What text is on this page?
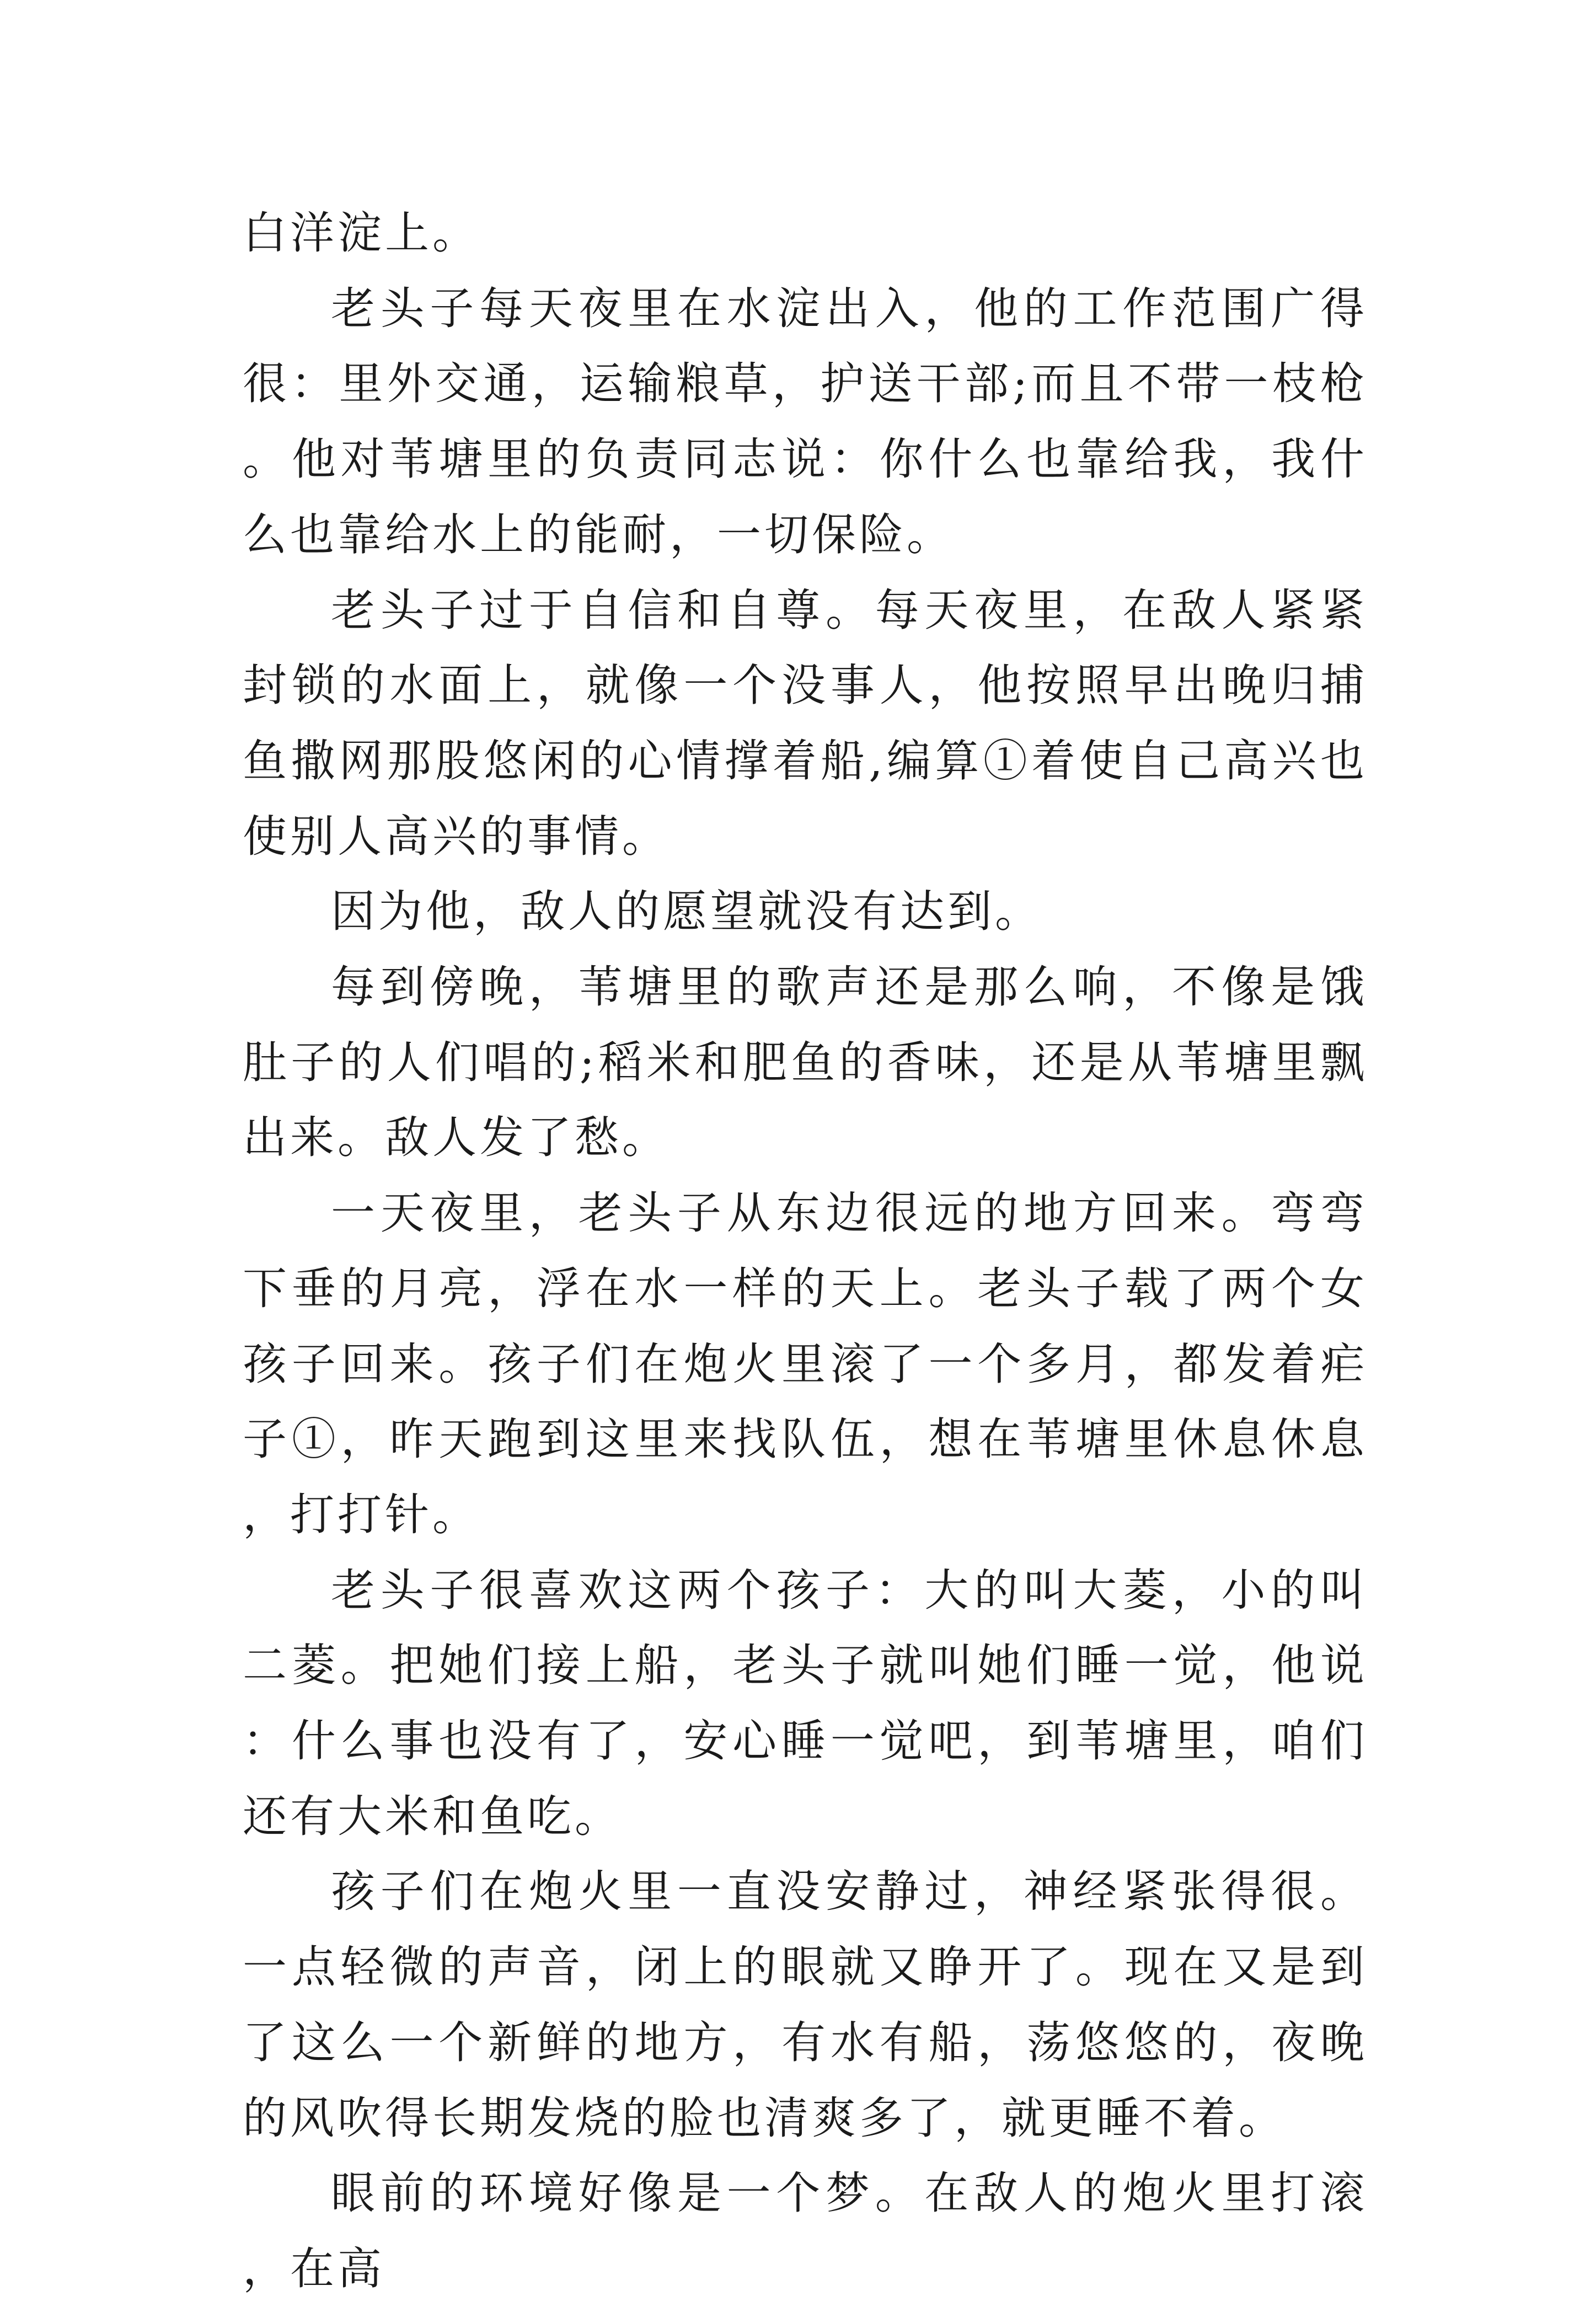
白洋淀上。

老头子每天夜里在水淀出入，他的工作范围广得很：里外交通，运输粮草，护送干部;而且不带一枝枪。他对苇塘里的负责同志说：你什么也靠给我，我什么也靠给水上的能耐，一切保险。

老头子过于自信和自尊。每天夜里，在敌人紧紧封锁的水面上，就像一个没事人，他按照早出晚归捕鱼撒网那股悠闲的心情撑着船,编算①着使自己高兴也使别人高兴的事情。

因为他，敌人的愿望就没有达到。

每到傍晚，苇塘里的歌声还是那么响，不像是饿肚子的人们唱的;稻米和肥鱼的香味，还是从苇塘里飘出来。敌人发了愁。

一天夜里，老头子从东边很远的地方回来。弯弯下垂的月亮，浮在水一样的天上。老头子载了两个女孩子回来。孩子们在炮火里滚了一个多月，都发着疟子①，昨天跑到这里来找队伍，想在苇塘里休息休息，打打针。

老头子很喜欢这两个孩子：大的叫大菱，小的叫二菱。把她们接上船，老头子就叫她们睡一觉，他说：什么事也没有了，安心睡一觉吧，到苇塘里，咱们还有大米和鱼吃。

孩子们在炮火里一直没安静过，神经紧张得很。一点轻微的声音，闭上的眼就又睁开了。现在又是到了这么一个新鲜的地方，有水有船，荡悠悠的，夜晚的风吹得长期发烧的脸也清爽多了，就更睡不着。

眼前的环境好像是一个梦。在敌人的炮火里打滚，在高
